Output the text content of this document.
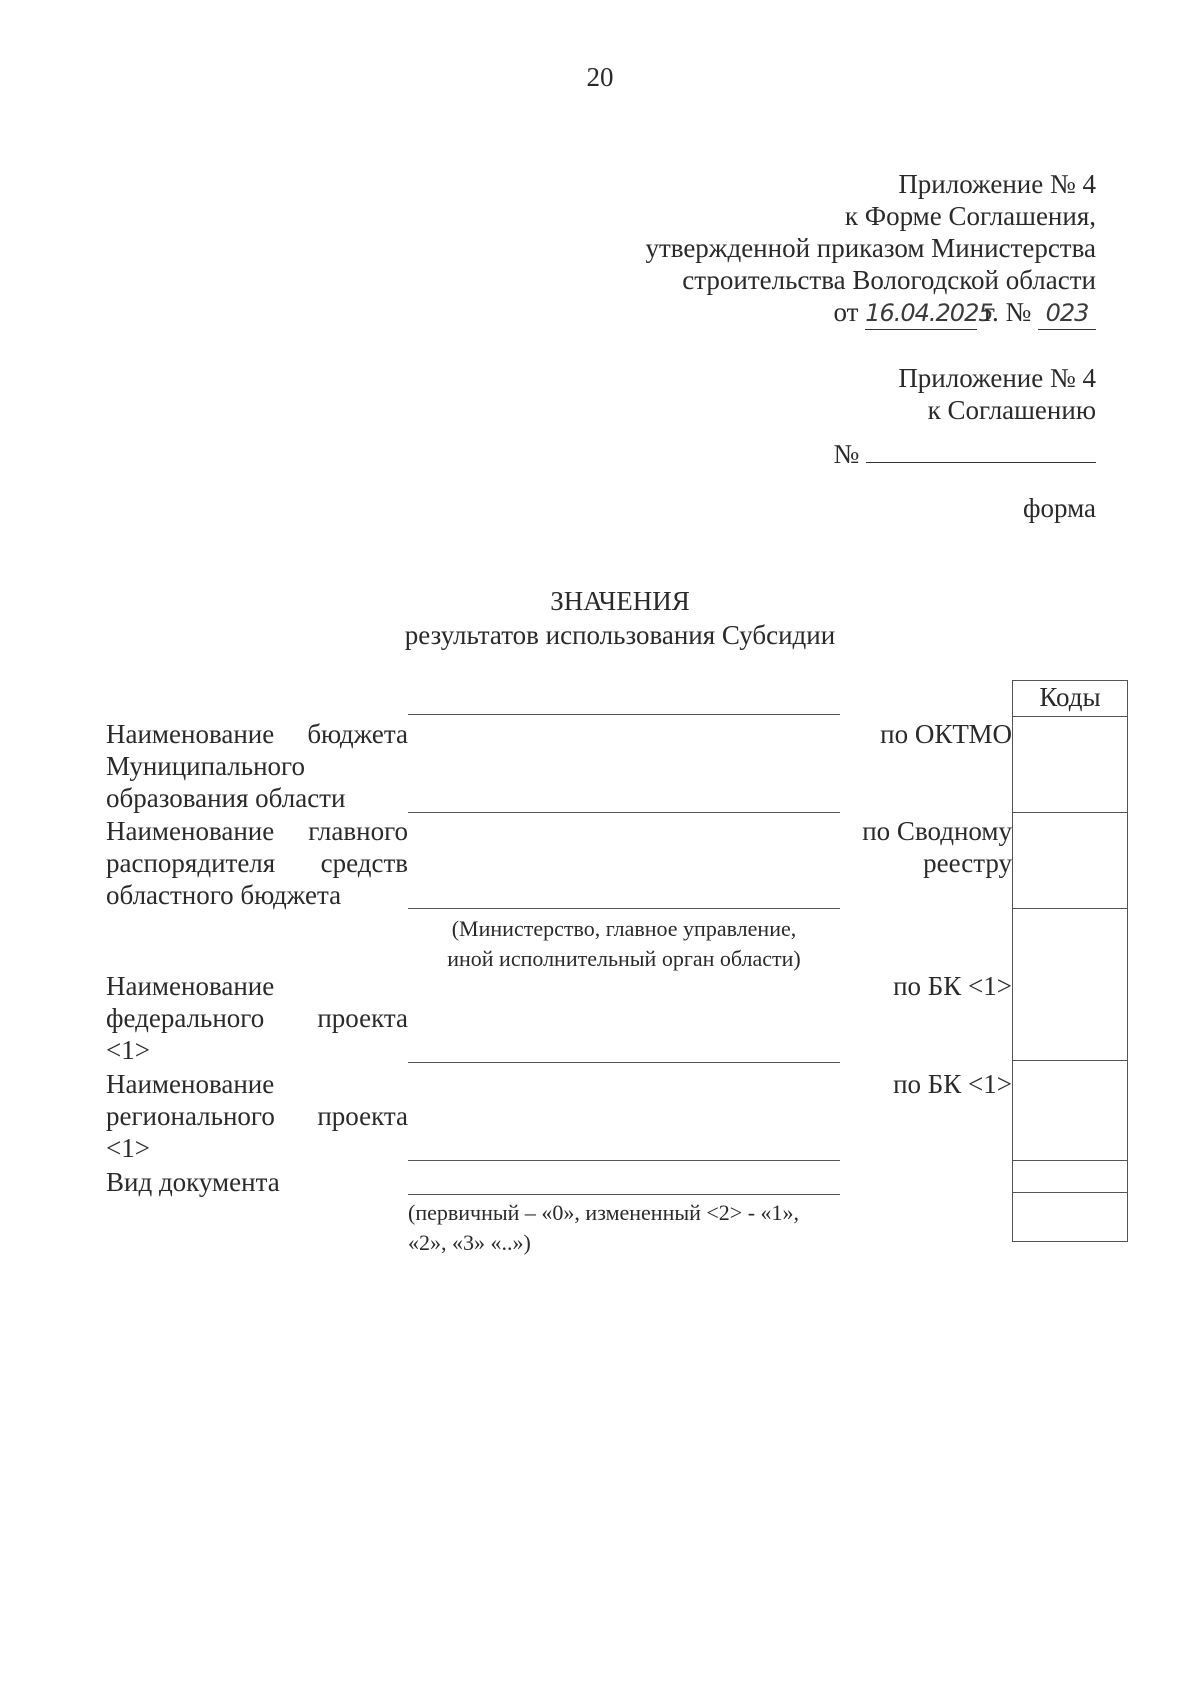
20
Приложение № 4
к Форме Соглашения,
утвержденной приказом Министерства
строительства Вологодской области
от 16.04.2025 г. № 023
Приложение № 4
к Соглашению
№
форма
ЗНАЧЕНИЯ
результатов использования Субсидии
Коды
Наименование бюджета
Муниципального
образования области
по ОКТМО
Наименование главного
распорядителя средств
областного бюджета
по Сводному
реестру
(Министерство, главное управление,
иной исполнительный орган области)
Наименование
федерального проекта
<1>
по БК <1>
Наименование
регионального проекта
<1>
по БК <1>
Вид документа
(первичный – «0», измененный <2> - «1»,
«2», «3» «..»)
